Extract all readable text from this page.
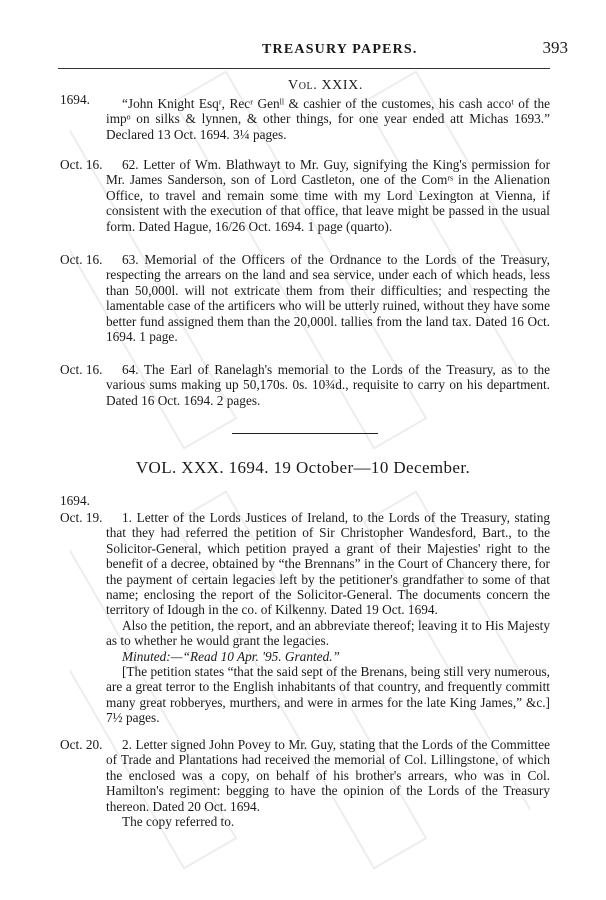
TREASURY PAPERS.	393
1694.
Vol. XXIX.

“John Knight Esqʳ, Recʳ Genˡˡ & cashier of the customes, his cash accoᵗ of the impᵒ on silks & lynnen, & other things, for one year ended att Michas 1693.” Declared 13 Oct. 1694. 3¼ pages.

Oct. 16.	62. Letter of Wm. Blathwayt to Mr. Guy, signifying the King's permission for Mr. James Sanderson, son of Lord Castleton, one of the Comʳˢ in the Alienation Office, to travel and remain some time with my Lord Lexington at Vienna, if consistent with the execution of that office, that leave might be passed in the usual form. Dated Hague, 16/26 Oct. 1694. 1 page (quarto).

Oct. 16.	63. Memorial of the Officers of the Ordnance to the Lords of the Treasury, respecting the arrears on the land and sea service, under each of which heads, less than 50,000l. will not extricate them from their difficulties; and respecting the lamentable case of the artificers who will be utterly ruined, without they have some better fund assigned them than the 20,000l. tallies from the land tax. Dated 16 Oct. 1694. 1 page.

Oct. 16.	64. The Earl of Ranelagh's memorial to the Lords of the Treasury, as to the various sums making up 50,170s. 0s. 10¾d., requisite to carry on his department. Dated 16 Oct. 1694. 2 pages.

VOL. XXX. 1694. 19 October—10 December.
1694.
Oct. 19.	1. Letter of the Lords Justices of Ireland, to the Lords of the Treasury, stating that they had referred the petition of Sir Christopher Wandesford, Bart., to the Solicitor-General, which petition prayed a grant of their Majesties' right to the benefit of a decree, obtained by “the Brennans” in the Court of Chancery there, for the payment of certain legacies left by the petitioner's grandfather to some of that name; enclosing the report of the Solicitor-General. The documents concern the territory of Idough in the co. of Kilkenny. Dated 19 Oct. 1694.

Also the petition, the report, and an abbreviate thereof; leaving it to His Majesty as to whether he would grant the legacies.

Minuted:—“Read 10 Apr. '95. Granted.”

[The petition states “that the said sept of the Brenans, being still very numerous, are a great terror to the English inhabitants of that country, and frequently committ many great robberyes, murthers, and were in armes for the late King James,” &c.] 7½ pages.

Oct. 20.	2. Letter signed John Povey to Mr. Guy, stating that the Lords of the Committee of Trade and Plantations had received the memorial of Col. Lillingstone, of which the enclosed was a copy, on behalf of his brother's arrears, who was in Col. Hamilton's regiment: begging to have the opinion of the Lords of the Treasury thereon. Dated 20 Oct. 1694.

The copy referred to.
